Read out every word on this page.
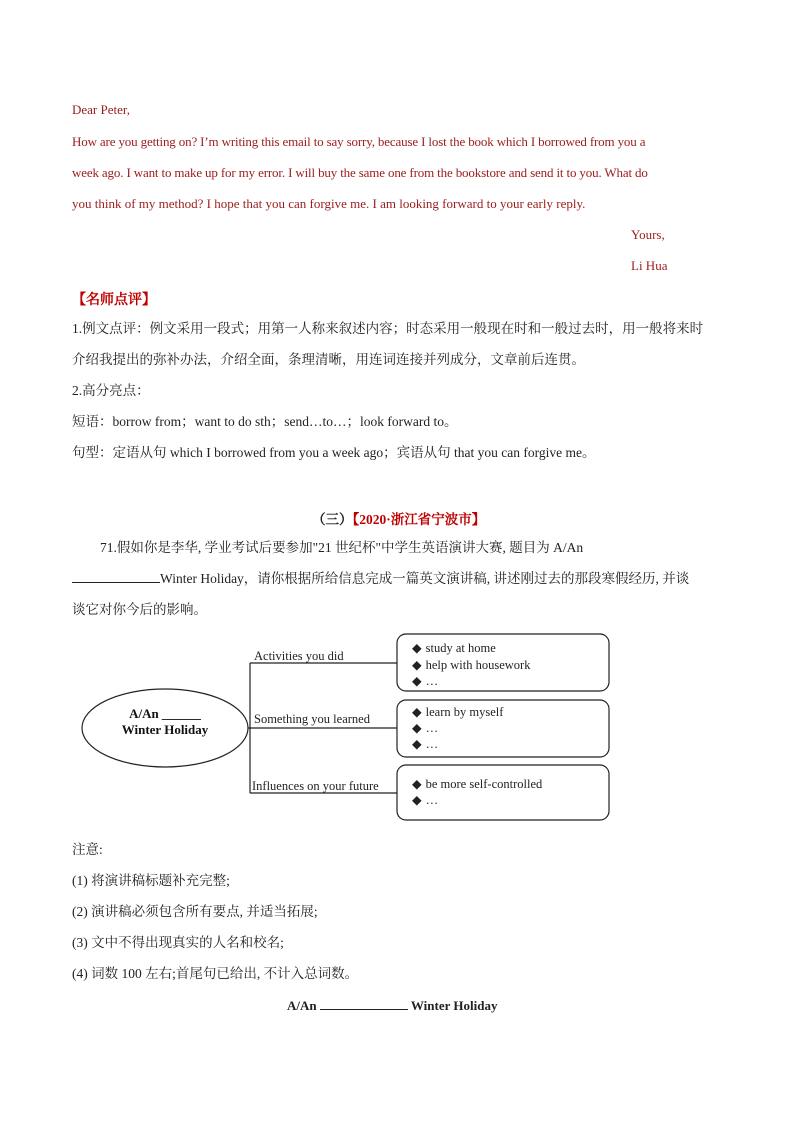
Dear Peter,
How are you getting on? I’m writing this email to say sorry, because I lost the book which I borrowed from you a
week ago. I want to make up for my error. I will buy the same one from the bookstore and send it to you. What do
you think of my method? I hope that you can forgive me. I am looking forward to your early reply.
Yours,
Li Hua
【名师点评】
1.例文点评：例文采用一段式；用第一人称来叙述内容；时态采用一般现在时和一般过去时，用一般将来时
介绍我提出的弥补办法，介绍全面，条理清晰，用连词连接并列成分，文章前后连贯。
2.高分亮点：
短语：borrow from；want to do sth；send…to…；look forward to。
句型：定语从句 which I borrowed from you a week ago；宾语从句 that you can forgive me。
（三）【2020·浙江省宁波市】
71.假如你是李华, 学业考试后要参加"21 世纪杯"中学生英语演讲大赛, 题目为 A/An
Winter Holiday，请你根据所给信息完成一篇英文演讲稿, 讲述刚过去的那段寒假经历, 并谈
谈它对你今后的影响。
A/An ______
Winter Holiday
Activities you did
Something you learned
Influences on your future
◆ study at home
◆ help with housework
◆ …
◆ learn by myself
◆ …
◆ …
◆ be more self-controlled
◆ …
注意:
(1) 将演讲稿标题补充完整;
(2) 演讲稿必须包含所有要点, 并适当拓展;
(3) 文中不得出现真实的人名和校名;
(4) 词数 100 左右;首尾句已给出, 不计入总词数。
A/An	Winter Holiday
